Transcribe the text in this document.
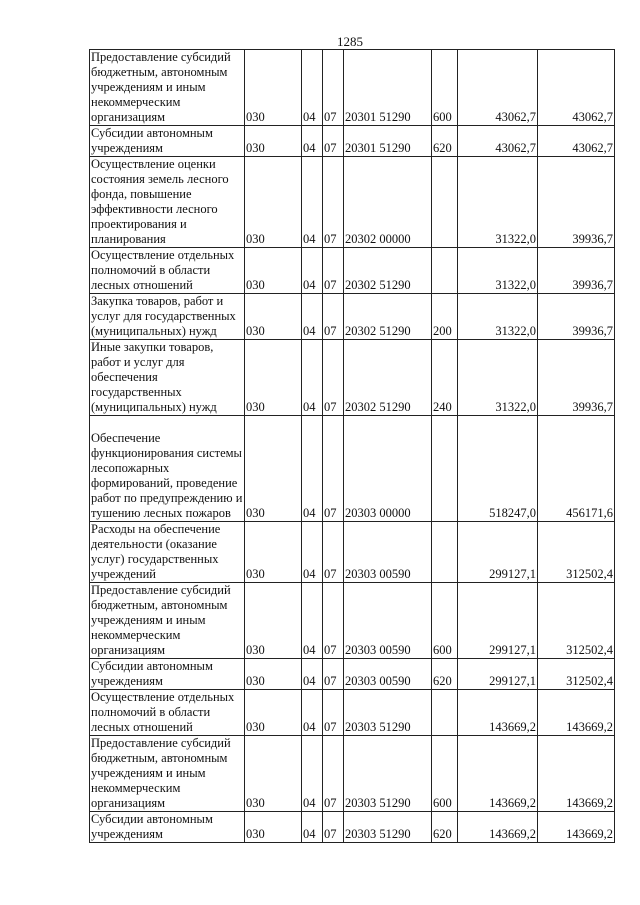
1285
Предоставление субсидий бюджетным, автономным учреждениям и иным некоммерческим организациям	030	04	07	20301 51290	600	43062,7	43062,7
Субсидии автономным учреждениям	030	04	07	20301 51290	620	43062,7	43062,7
Осуществление оценки состояния земель лесного фонда, повышение эффективности лесного проектирования и планирования	030	04	07	20302 00000		31322,0	39936,7
Осуществление отдельных полномочий в области лесных отношений	030	04	07	20302 51290		31322,0	39936,7
Закупка товаров, работ и услуг для государственных (муниципальных) нужд	030	04	07	20302 51290	200	31322,0	39936,7
Иные закупки товаров, работ и услуг для обеспечения государственных (муниципальных) нужд	030	04	07	20302 51290	240	31322,0	39936,7
Обеспечение функционирования системы лесопожарных формирований, проведение работ по предупреждению и тушению лесных пожаров	030	04	07	20303 00000		518247,0	456171,6
Расходы на обеспечение деятельности (оказание услуг) государственных учреждений	030	04	07	20303 00590		299127,1	312502,4
Предоставление субсидий бюджетным, автономным учреждениям и иным некоммерческим организациям	030	04	07	20303 00590	600	299127,1	312502,4
Субсидии автономным учреждениям	030	04	07	20303 00590	620	299127,1	312502,4
Осуществление отдельных полномочий в области лесных отношений	030	04	07	20303 51290		143669,2	143669,2
Предоставление субсидий бюджетным, автономным учреждениям и иным некоммерческим организациям	030	04	07	20303 51290	600	143669,2	143669,2
Субсидии автономным учреждениям	030	04	07	20303 51290	620	143669,2	143669,2
